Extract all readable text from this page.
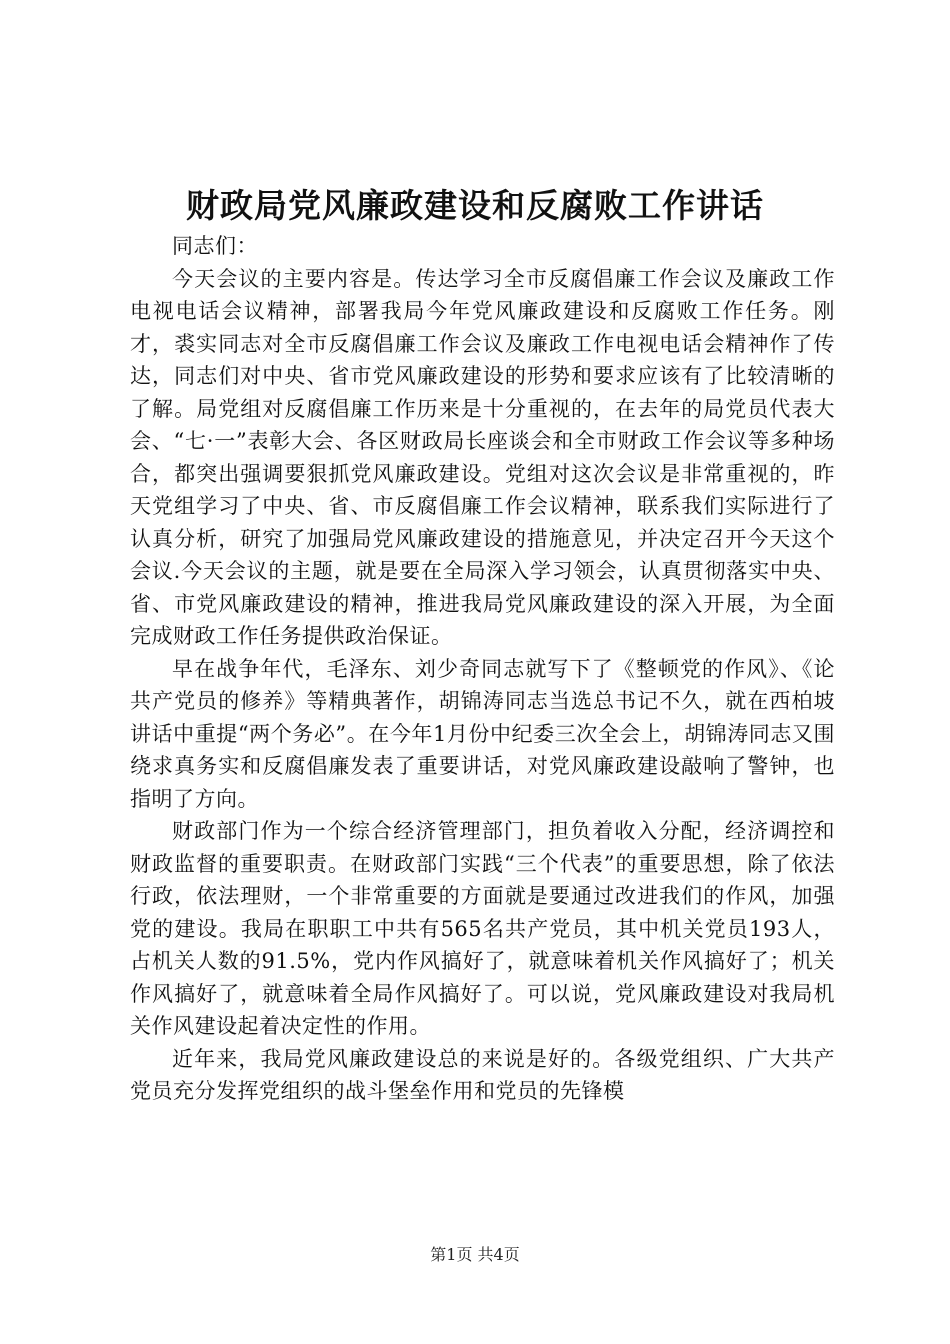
财政局党风廉政建设和反腐败工作讲话

同志们：

今天会议的主要内容是。传达学习全市反腐倡廉工作会议及廉政工作电视电话会议精神，部署我局今年党风廉政建设和反腐败工作任务。刚才，裘实同志对全市反腐倡廉工作会议及廉政工作电视电话会精神作了传达，同志们对中央、省市党风廉政建设的形势和要求应该有了比较清晰的了解。局党组对反腐倡廉工作历来是十分重视的，在去年的局党员代表大会、“七·一”表彰大会、各区财政局长座谈会和全市财政工作会议等多种场合，都突出强调要狠抓党风廉政建设。党组对这次会议是非常重视的，昨天党组学习了中央、省、市反腐倡廉工作会议精神，联系我们实际进行了认真分析，研究了加强局党风廉政建设的措施意见，并决定召开今天这个会议.今天会议的主题，就是要在全局深入学习领会，认真贯彻落实中央、省、市党风廉政建设的精神，推进我局党风廉政建设的深入开展，为全面完成财政工作任务提供政治保证。

早在战争年代，毛泽东、刘少奇同志就写下了《整顿党的作风》、《论共产党员的修养》等精典著作，胡锦涛同志当选总书记不久，就在西柏坡讲话中重提“两个务必”。在今年1月份中纪委三次全会上，胡锦涛同志又围绕求真务实和反腐倡廉发表了重要讲话，对党风廉政建设敲响了警钟，也指明了方向。

财政部门作为一个综合经济管理部门，担负着收入分配，经济调控和财政监督的重要职责。在财政部门实践“三个代表”的重要思想，除了依法行政，依法理财，一个非常重要的方面就是要通过改进我们的作风，加强党的建设。我局在职职工中共有565名共产党员，其中机关党员193人，占机关人数的91.5%，党内作风搞好了，就意味着机关作风搞好了；机关作风搞好了，就意味着全局作风搞好了。可以说，党风廉政建设对我局机关作风建设起着决定性的作用。

近年来，我局党风廉政建设总的来说是好的。各级党组织、广大共产党员充分发挥党组织的战斗堡垒作用和党员的先锋模

第1页 共4页
